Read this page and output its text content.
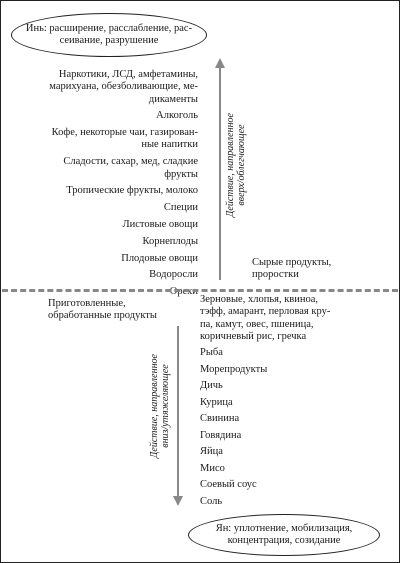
Инь: расширение, расслабление, рас-
сеивание, разрушение
Наркотики, ЛСД, амфетамины,
марихуана, обезболивающие, ме-
дикаменты
Алкоголь
Кофе, некоторые чаи, газирован-
ные напитки
Сладости, сахар, мед, сладкие
фрукты
Тропические фрукты, молоко
Специи
Листовые овощи
Корнеплоды
Плодовые овощи
Водоросли
Орехи
Сырые продукты,
проростки
Приготовленные,
обработанные продукты
Зерновые, хлопья, квиноа,
тэфф, амарант, перловая кру-
па, камут, овес, пшеница,
коричневый рис, гречка
Рыба
Морепродукты
Дичь
Курица
Свинина
Говядина
Яйца
Мисо
Соевый соус
Соль
Действие, направленное вверх/облегчающее
Действие, направленное вниз/утяжеляющее
Ян: уплотнение, мобилизация,
концентрация, созидание
